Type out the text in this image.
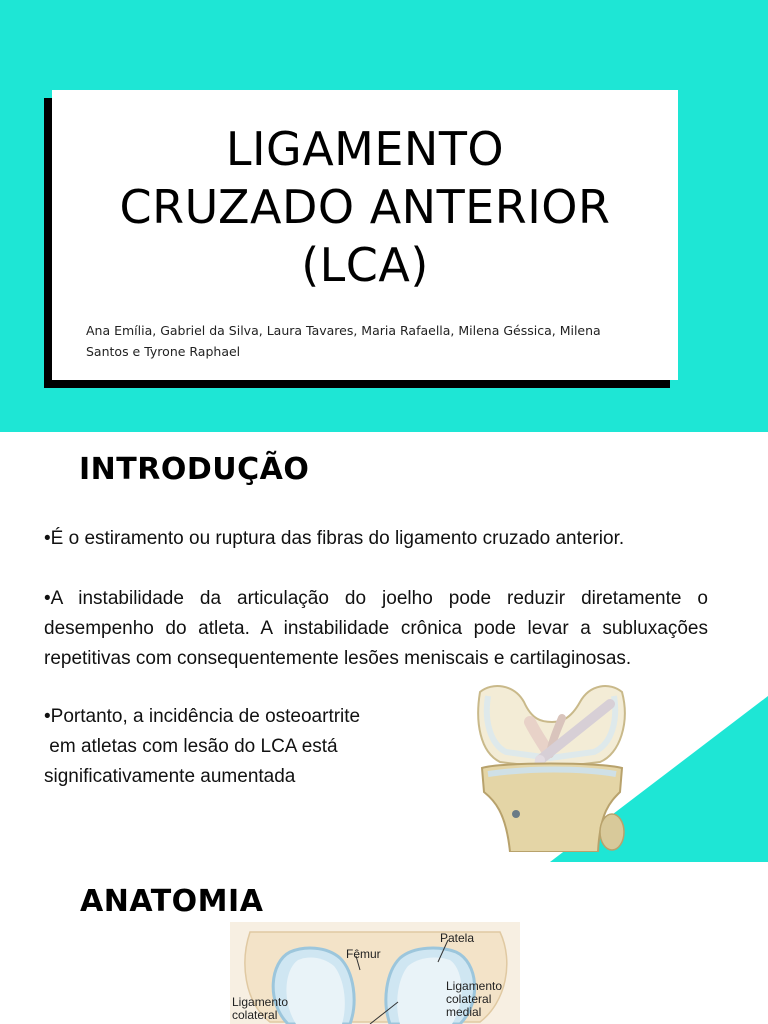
LIGAMENTO
CRUZADO ANTERIOR
(LCA)
Ana Emília, Gabriel da Silva, Laura Tavares, Maria Rafaella, Milena Géssica, Milena
Santos e Tyrone Raphael
INTRODUÇÃO

•É o estiramento ou ruptura das fibras do ligamento cruzado anterior.

•A instabilidade da articulação do joelho pode reduzir diretamente o desempenho do atleta. A instabilidade crônica pode levar a subluxações repetitivas com consequentemente lesões meniscais e cartilaginosas.

•Portanto, a incidência de osteoartrite
em atletas com lesão do LCA está
significativamente aumentada

ANATOMIA
Patela
Fêmur
Ligamento
colateral
Ligamento
colateral
medial
